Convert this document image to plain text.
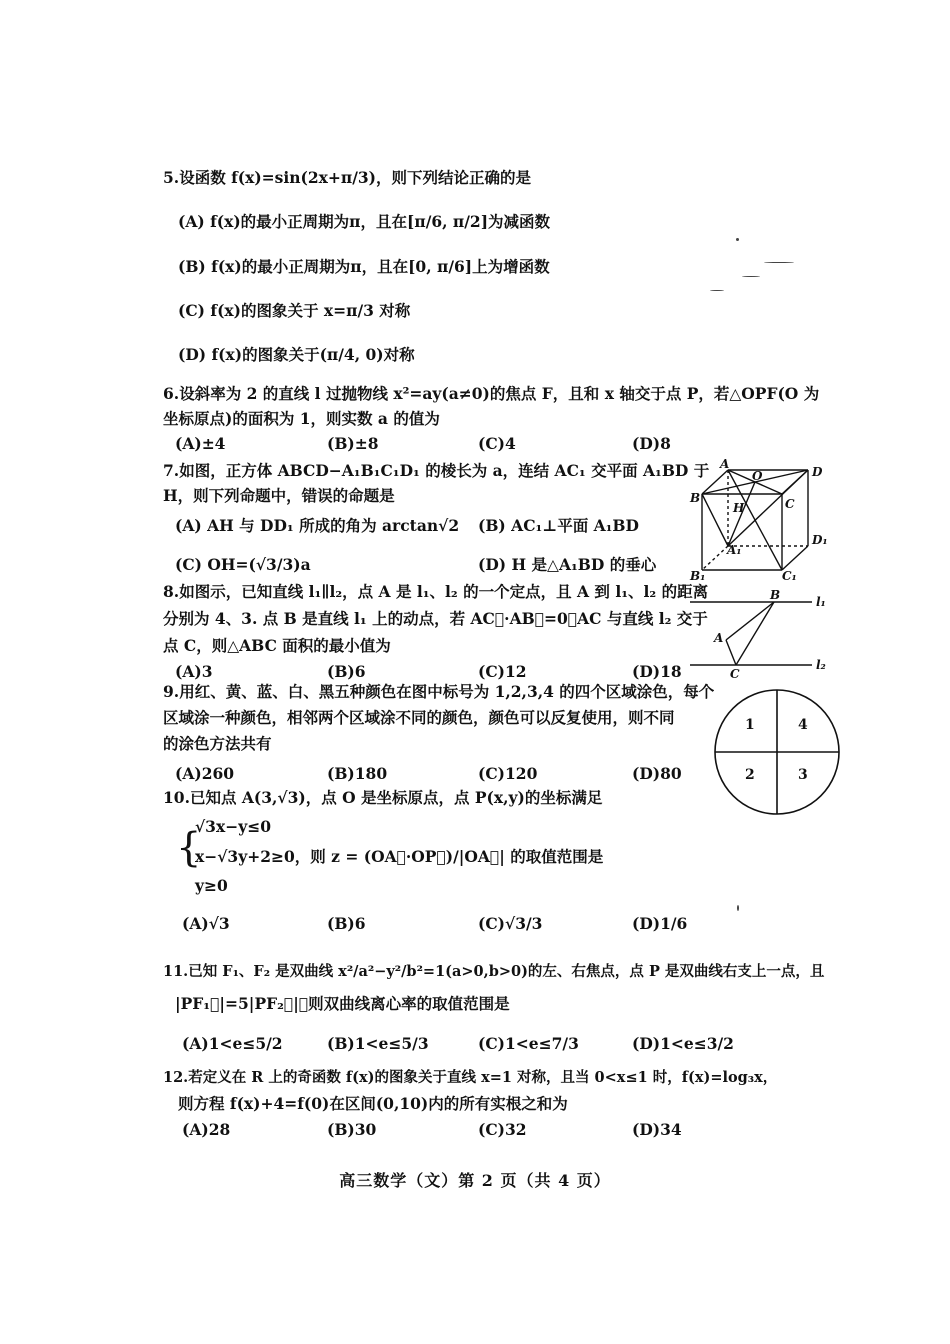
5.设函数 f(x)=sin(2x+π/3)，则下列结论正确的是
(A) f(x)的最小正周期为π，且在[π/6, π/2]为减函数
(B) f(x)的最小正周期为π，且在[0, π/6]上为增函数
(C) f(x)的图象关于 x=π/3 对称
(D) f(x)的图象关于(π/4, 0)对称
6.设斜率为 2 的直线 l 过抛物线 x²=ay(a≠0)的焦点 F，且和 x 轴交于点 P，若△OPF(O 为
坐标原点)的面积为 1，则实数 a 的值为
(A)±4	(B)±8	(C)4	(D)8
7.如图，正方体 ABCD−A₁B₁C₁D₁ 的棱长为 a，连结 AC₁ 交平面 A₁BD 于
H，则下列命题中，错误的命题是
(A) AH 与 DD₁ 所成的角为 arctan√2 (B) AC₁⊥平面 A₁BD
(C) OH=(√3/3)a	(D) H 是△A₁BD 的垂心
A
O	D
B	C
H
A₁
D₁
B₁	C₁
8.如图示，已知直线 l₁∥l₂，点 A 是 l₁、l₂ 的一个定点，且 A 到 l₁、l₂ 的距离
分别为 4、3. 点 B 是直线 l₁ 上的动点，若 AC⃗·AB⃗=0，AC 与直线 l₂ 交于
点 C，则△ABC 面积的最小值为
(A)3	(B)6	(C)12	(D)18
B	l₁
A
C
l₂
9.用红、黄、蓝、白、黑五种颜色在图中标号为 1,2,3,4 的四个区域涂色，每个
区域涂一种颜色，相邻两个区域涂不同的颜色，颜色可以反复使用，则不同
的涂色方法共有
(A)260	(B)180	(C)120	(D)80
1	4
2	3
10.已知点 A(3,√3)，点 O 是坐标原点，点 P(x,y)的坐标满足
{
√3x−y≤0
x−√3y+2≥0，则 z = (OA⃗·OP⃗)/|OA⃗| 的取值范围是
y≥0
(A)√3	(B)6	(C)√3/3	(D)1/6
11.已知 F₁、F₂ 是双曲线 x²/a²−y²/b²=1(a>0,b>0)的左、右焦点，点 P 是双曲线右支上一点，且
|PF₁⃗|=5|PF₂⃗|，则双曲线离心率的取值范围是
(A)1<e≤5/2	(B)1<e≤5/3	(C)1<e≤7/3	(D)1<e≤3/2
12.若定义在 R 上的奇函数 f(x)的图象关于直线 x=1 对称，且当 0<x≤1 时，f(x)=log₃x，
则方程 f(x)+4=f(0)在区间(0,10)内的所有实根之和为
(A)28	(B)30	(C)32	(D)34
高三数学（文）第 2 页（共 4 页）
